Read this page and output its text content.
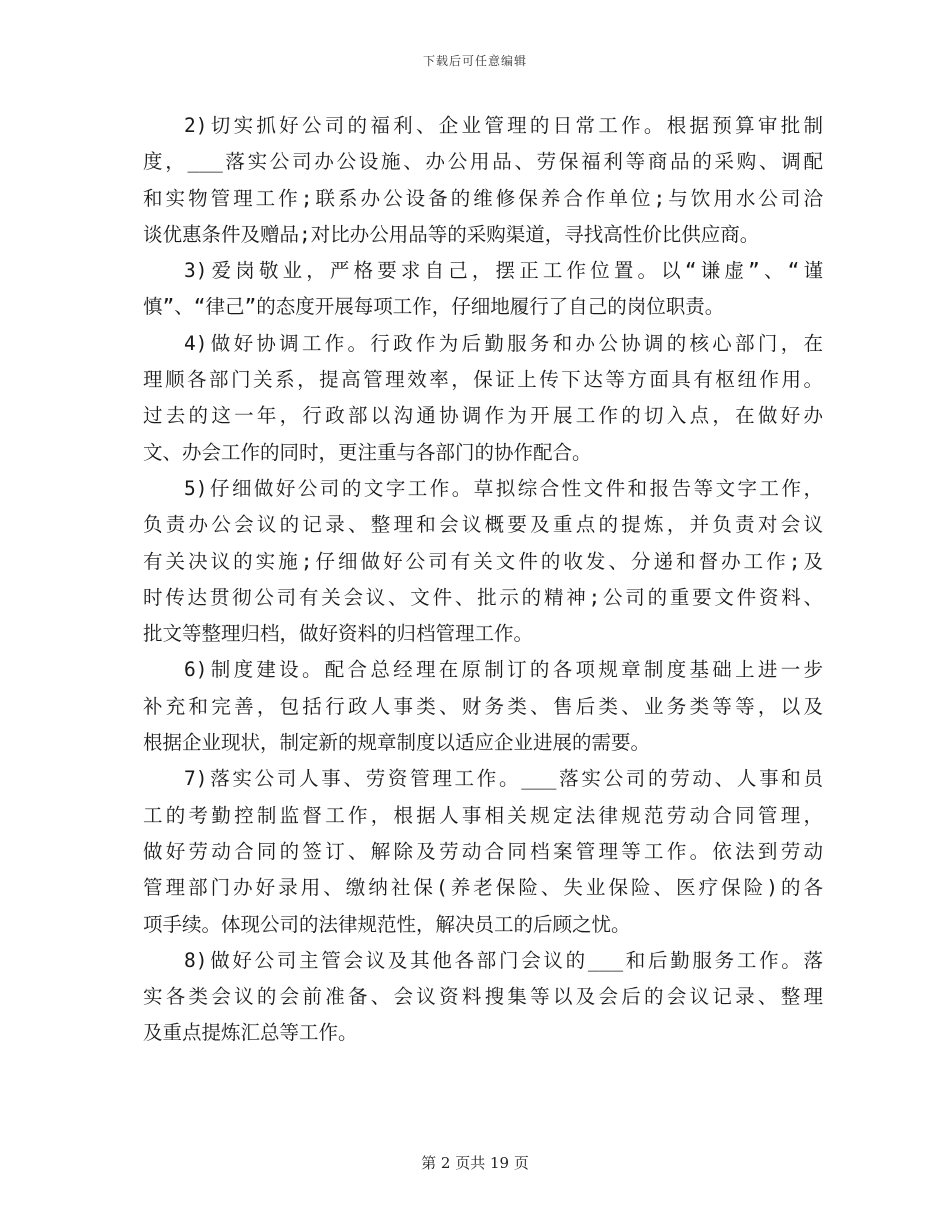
下载后可任意编辑
2)切实抓好公司的福利、企业管理的日常工作。根据预算审批制
度，___落实公司办公设施、办公用品、劳保福利等商品的采购、调配
和实物管理工作;联系办公设备的维修保养合作单位;与饮用水公司洽
谈优惠条件及赠品;对比办公用品等的采购渠道，寻找高性价比供应商。
3)爱岗敬业，严格要求自己，摆正工作位置。以“谦虚”、“谨
慎”、“律己”的态度开展每项工作，仔细地履行了自己的岗位职责。
4)做好协调工作。行政作为后勤服务和办公协调的核心部门，在
理顺各部门关系，提高管理效率，保证上传下达等方面具有枢纽作用。
过去的这一年，行政部以沟通协调作为开展工作的切入点，在做好办
文、办会工作的同时，更注重与各部门的协作配合。
5)仔细做好公司的文字工作。草拟综合性文件和报告等文字工作，
负责办公会议的记录、整理和会议概要及重点的提炼，并负责对会议
有关决议的实施;仔细做好公司有关文件的收发、分递和督办工作;及
时传达贯彻公司有关会议、文件、批示的精神;公司的重要文件资料、
批文等整理归档，做好资料的归档管理工作。
6)制度建设。配合总经理在原制订的各项规章制度基础上进一步
补充和完善，包括行政人事类、财务类、售后类、业务类等等，以及
根据企业现状，制定新的规章制度以适应企业进展的需要。
7)落实公司人事、劳资管理工作。___落实公司的劳动、人事和员
工的考勤控制监督工作，根据人事相关规定法律规范劳动合同管理，
做好劳动合同的签订、解除及劳动合同档案管理等工作。依法到劳动
管理部门办好录用、缴纳社保(养老保险、失业保险、医疗保险)的各
项手续。体现公司的法律规范性，解决员工的后顾之忧。
8)做好公司主管会议及其他各部门会议的___和后勤服务工作。落
实各类会议的会前准备、会议资料搜集等以及会后的会议记录、整理
及重点提炼汇总等工作。
第 2 页共 19 页
